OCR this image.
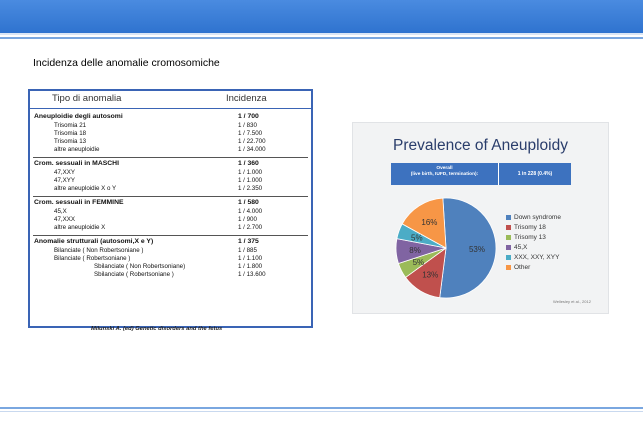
Incidenza delle anomalie cromosomiche
Tipo di anomalia	Incidenza
Aneuploidie degli autosomi	1 / 700
Trisomia 21	1 / 830
Trisomia 18	1 / 7.500
Trisomia 13	1 / 22.700
altre aneuploidie	1 / 34.000
Crom. sessuali in MASCHI	1 / 360
47,XXY	1 / 1.000
47,XYY	1 / 1.000
altre aneuploidie X o Y	1 / 2.350
Crom. sessuali in FEMMINE	1 / 580
45,X	1 / 4.000
47,XXX	1 / 900
altre aneuploidie X	1 / 2.700
Anomalie strutturali (autosomi,X e Y)	1 / 375
Bilanciate ( Non Robertsoniane )	1 / 885
Bilanciate ( Robertsoniane )	1 / 1.100
Sbilanciate ( Non Robertsoniane)	1 / 1.800
Sbilanciate ( Robertsoniane )	1 / 13.600
Milunski A. (ed) Genetic disorders and the fetus
Prevalence of Aneuploidy
Overall
(live birth, IUFD, termination):	1 in 228 (0.4%)
53%
13%
5%
8%
5%
16%
Down syndrome
Trisomy 18
Trisomy 13
45,X
XXX, XXY, XYY
Other
Wellesley et al., 2012
